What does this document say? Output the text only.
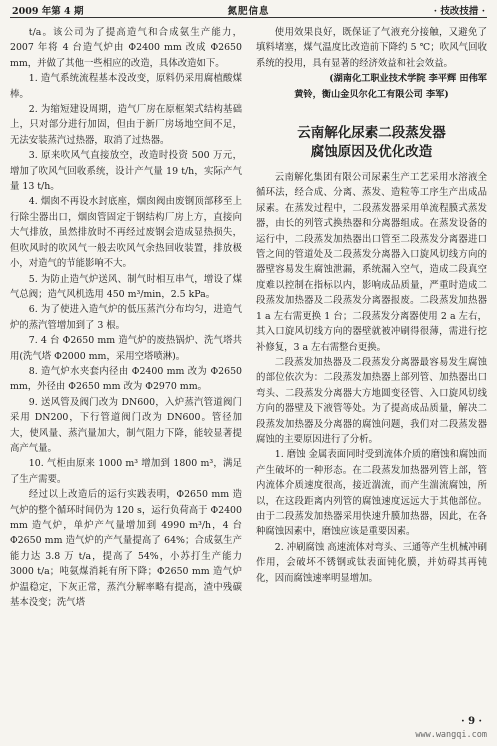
2009 年第 4 期	氮肥信息	· 技改技措 ·

t/a。该公司为了提高造气和合成氨生产能力，2007 年将 4 台造气炉由 Φ2400 mm 改成 Φ2650 mm，并做了其他一些相应的改造，具体改造如下。

1. 造气系统流程基本没改变，原料仍采用腐植酸煤棒。

2. 为缩短建设周期，造气厂房在原框架式结构基础上，只对部分进行加固，但由于新厂房场地空间不足，无法安装蒸汽过热器，取消了过热器。

3. 原来吹风气直接放空，改造时投资 500 万元，增加了吹风气回收系统，设计产气量 19 t/h，实际产气量 13 t/h。

4. 烟囱不再设水封底座，烟囱阀由废钢顶部移至上行除尘器出口，烟囱管固定于钢结构厂房上方，直接向大气排放，虽然排放时不再经过废钢会造成显热损失，但吹风时的吹风气一般去吹风气余热回收装置，排放极小，对造气的节能影响不大。

5. 为防止造气炉送风、制气时相互串气，增设了煤气总阀；造气风机选用 450 m³/min，2.5 kPa。

6. 为了使进入造气炉的低压蒸汽分布均匀，进造气炉的蒸汽管增加到了 3 根。

7. 4 台 Φ2650 mm 造气炉的废热锅炉、洗气塔共用(洗气塔 Φ2000 mm，采用空塔喷淋)。

8. 造气炉水夹套内径由 Φ2400 mm 改为 Φ2650 mm，外径由 Φ2650 mm 改为 Φ2970 mm。

9. 送风管及阀门改为 DN600，入炉蒸汽管道阀门采用 DN200，下行管道阀门改为 DN600。管径加大，使风量、蒸汽量加大，制气阻力下降，能较显著提高产气量。

10. 气柜由原来 1000 m³ 增加到 1800 m³，满足了生产需要。

经过以上改造后的运行实践表明，Φ2650 mm 造气炉的整个循环时间仍为 120 s，运行负荷高于 Φ2400 mm 造气炉，单炉产气量增加到 4990 m³/h，4 台 Φ2650 mm 造气炉的产气量提高了 64%；合成氨生产能力达 3.8 万 t/a，提高了 54%，小苏打生产能力 3000 t/a；吨氨煤消耗有所下降；Φ2650 mm 造气炉炉温稳定，下灰正常，蒸汽分解率略有提高，渣中残碳基本没变；洗气塔

使用效果良好，既保证了气液充分接触，又避免了填料堵塞，煤气温度比改造前下降约 5 ℃；吹风气回收系统的投用，具有显著的经济效益和社会效益。

(湖南化工职业技术学院 李平辉 田伟军

黄铃，衡山金贝尔化工有限公司 李军)

云南解化尿素二段蒸发器
腐蚀原因及优化改造

云南解化集团有限公司尿素生产工艺采用水溶液全循环法，经合成、分离、蒸发、造粒等工序生产出成品尿素。在蒸发过程中，二段蒸发器采用单流程膜式蒸发器，由长的列管式换热器和分离器组成。在蒸发设备的运行中，二段蒸发加热器出口管至二段蒸发分离器进口管之间的管道处及二段蒸发分离器入口旋风切线方向的器壁容易发生腐蚀泄漏，系统漏入空气，造成二段真空度难以控制在指标以内，影响成品质量，严重时造成二段蒸发加热器及二段蒸发分离器报废。二段蒸发加热器 1 a 左右需更换 1 台；二段蒸发分离器使用 2 a 左右，其入口旋风切线方向的器壁就被冲刷得很薄，需进行挖补修复，3 a 左右需整台更换。

二段蒸发加热器及二段蒸发分离器最容易发生腐蚀的部位依次为：二段蒸发加热器上部列管、加热器出口弯头、二段蒸发分离器大方地圆变径管、入口旋风切线方向的器壁及下液管等处。为了提高成品质量，解决二段蒸发加热器及分离器的腐蚀问题，我们对二段蒸发器腐蚀的主要原因进行了分析。

1. 磨蚀 金属表面同时受到流体介质的磨蚀和腐蚀而产生破坏的一种形态。在二段蒸发加热器列管上部，管内流体介质速度很高，接近湍流，而产生湍流腐蚀，所以，在这段距离内列管的腐蚀速度远远大于其他部位。由于二段蒸发加热器采用快速升膜加热器，因此，在各种腐蚀因素中，磨蚀应该是重要因素。

2. 冲刷腐蚀 高速流体对弯头、三通等产生机械冲刷作用，会破坏不锈钢或钛表面钝化膜，并妨碍其再钝化，因而腐蚀速率明显增加。

· 9 ·
www.wangqi.com
